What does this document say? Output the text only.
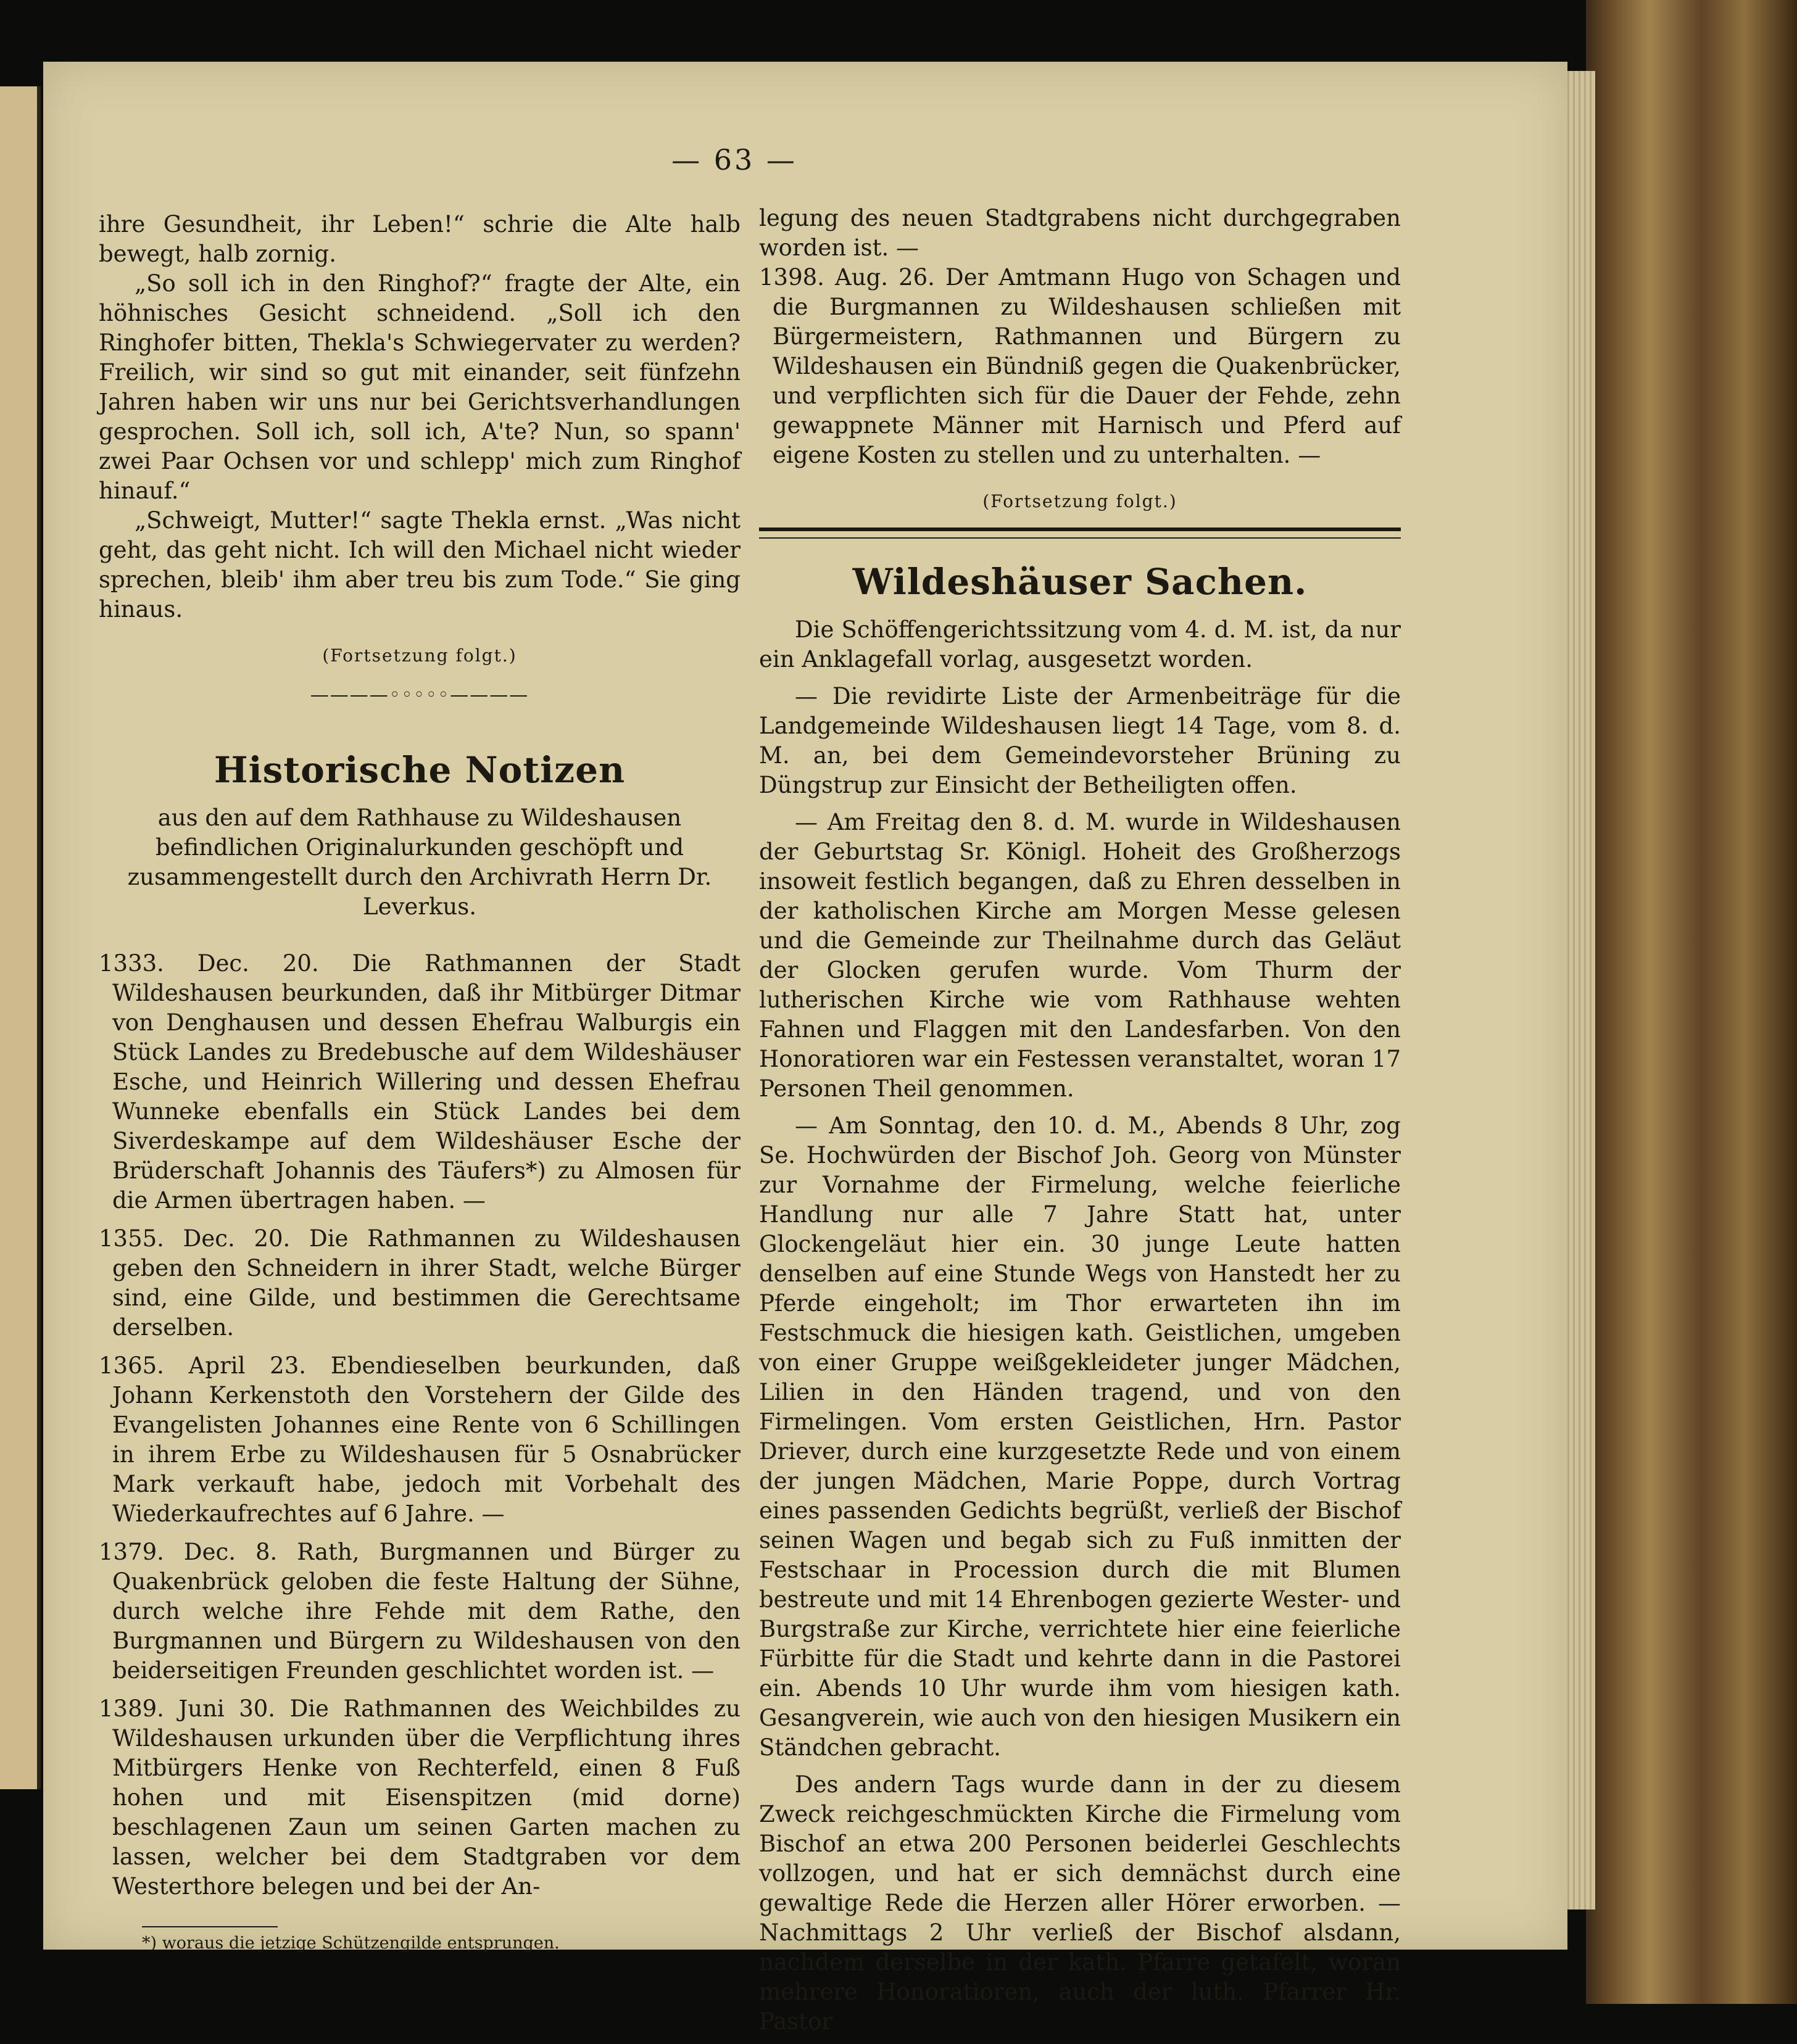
— 63 —

ihre Gesundheit, ihr Leben!“ schrie die Alte halb bewegt, halb zornig.

„So soll ich in den Ringhof?“ fragte der Alte, ein höhnisches Gesicht schneidend. „Soll ich den Ringhofer bitten, Thekla's Schwiegervater zu werden? Freilich, wir sind so gut mit einander, seit fünfzehn Jahren haben wir uns nur bei Gerichtsverhandlungen gesprochen. Soll ich, soll ich, A'te? Nun, so spann' zwei Paar Ochsen vor und schlepp' mich zum Ringhof hinauf.“

„Schweigt, Mutter!“ sagte Thekla ernst. „Was nicht geht, das geht nicht. Ich will den Michael nicht wieder sprechen, bleib' ihm aber treu bis zum Tode.“ Sie ging hinaus.

(Fortsetzung folgt.)
————◦◦◦◦◦————
Historische Notizen
aus den auf dem Rathhause zu Wildeshausen befindlichen Originalurkunden geschöpft und zusammengestellt durch den Archivrath Herrn Dr. Leverkus.

1333. Dec. 20. Die Rathmannen der Stadt Wildeshausen beurkunden, daß ihr Mitbürger Ditmar von Denghausen und dessen Ehefrau Walburgis ein Stück Landes zu Bredebusche auf dem Wildeshäuser Esche, und Heinrich Willering und dessen Ehefrau Wunneke ebenfalls ein Stück Landes bei dem Siverdeskampe auf dem Wildeshäuser Esche der Brüderschaft Johannis des Täufers*) zu Almosen für die Armen übertragen haben. —

1355. Dec. 20. Die Rathmannen zu Wildeshausen geben den Schneidern in ihrer Stadt, welche Bürger sind, eine Gilde, und bestimmen die Gerechtsame derselben.

1365. April 23. Ebendieselben beurkunden, daß Johann Kerkenstoth den Vorstehern der Gilde des Evangelisten Johannes eine Rente von 6 Schillingen in ihrem Erbe zu Wildeshausen für 5 Osnabrücker Mark verkauft habe, jedoch mit Vorbehalt des Wiederkaufrechtes auf 6 Jahre. —

1379. Dec. 8. Rath, Burgmannen und Bürger zu Quakenbrück geloben die feste Haltung der Sühne, durch welche ihre Fehde mit dem Rathe, den Burgmannen und Bürgern zu Wildeshausen von den beiderseitigen Freunden geschlichtet worden ist. —

1389. Juni 30. Die Rathmannen des Weichbildes zu Wildeshausen urkunden über die Verpflichtung ihres Mitbürgers Henke von Rechterfeld, einen 8 Fuß hohen und mit Eisenspitzen (mid dorne) beschlagenen Zaun um seinen Garten machen zu lassen, welcher bei dem Stadtgraben vor dem Westerthore belegen und bei der An-

*) woraus die jetzige Schützengilde entsprungen.

legung des neuen Stadtgrabens nicht durchgegraben worden ist. —

1398. Aug. 26. Der Amtmann Hugo von Schagen und die Burgmannen zu Wildeshausen schließen mit Bürgermeistern, Rathmannen und Bürgern zu Wildeshausen ein Bündniß gegen die Quakenbrücker, und verpflichten sich für die Dauer der Fehde, zehn gewappnete Männer mit Harnisch und Pferd auf eigene Kosten zu stellen und zu unterhalten. —

(Fortsetzung folgt.)
Wildeshäuser Sachen.

Die Schöffengerichtssitzung vom 4. d. M. ist, da nur ein Anklagefall vorlag, ausgesetzt worden.

— Die revidirte Liste der Armenbeiträge für die Landgemeinde Wildeshausen liegt 14 Tage, vom 8. d. M. an, bei dem Gemeindevorsteher Brüning zu Düngstrup zur Einsicht der Betheiligten offen.

— Am Freitag den 8. d. M. wurde in Wildeshausen der Geburtstag Sr. Königl. Hoheit des Großherzogs insoweit festlich begangen, daß zu Ehren desselben in der katholischen Kirche am Morgen Messe gelesen und die Gemeinde zur Theilnahme durch das Geläut der Glocken gerufen wurde. Vom Thurm der lutherischen Kirche wie vom Rathhause wehten Fahnen und Flaggen mit den Landesfarben. Von den Honoratioren war ein Festessen veranstaltet, woran 17 Personen Theil genommen.

— Am Sonntag, den 10. d. M., Abends 8 Uhr, zog Se. Hochwürden der Bischof Joh. Georg von Münster zur Vornahme der Firmelung, welche feierliche Handlung nur alle 7 Jahre Statt hat, unter Glockengeläut hier ein. 30 junge Leute hatten denselben auf eine Stunde Wegs von Hanstedt her zu Pferde eingeholt; im Thor erwarteten ihn im Festschmuck die hiesigen kath. Geistlichen, umgeben von einer Gruppe weißgekleideter junger Mädchen, Lilien in den Händen tragend, und von den Firmelingen. Vom ersten Geistlichen, Hrn. Pastor Driever, durch eine kurzgesetzte Rede und von einem der jungen Mädchen, Marie Poppe, durch Vortrag eines passenden Gedichts begrüßt, verließ der Bischof seinen Wagen und begab sich zu Fuß inmitten der Festschaar in Procession durch die mit Blumen bestreute und mit 14 Ehrenbogen gezierte Wester- und Burgstraße zur Kirche, verrichtete hier eine feierliche Fürbitte für die Stadt und kehrte dann in die Pastorei ein. Abends 10 Uhr wurde ihm vom hiesigen kath. Gesangverein, wie auch von den hiesigen Musikern ein Ständchen gebracht.

Des andern Tags wurde dann in der zu diesem Zweck reichgeschmückten Kirche die Firmelung vom Bischof an etwa 200 Personen beiderlei Geschlechts vollzogen, und hat er sich demnächst durch eine gewaltige Rede die Herzen aller Hörer erworben. — Nachmittags 2 Uhr verließ der Bischof alsdann, nachdem derselbe in der kath. Pfarre getafelt, woran mehrere Honoratioren, auch der luth. Pfarrer Hr. Pastor
